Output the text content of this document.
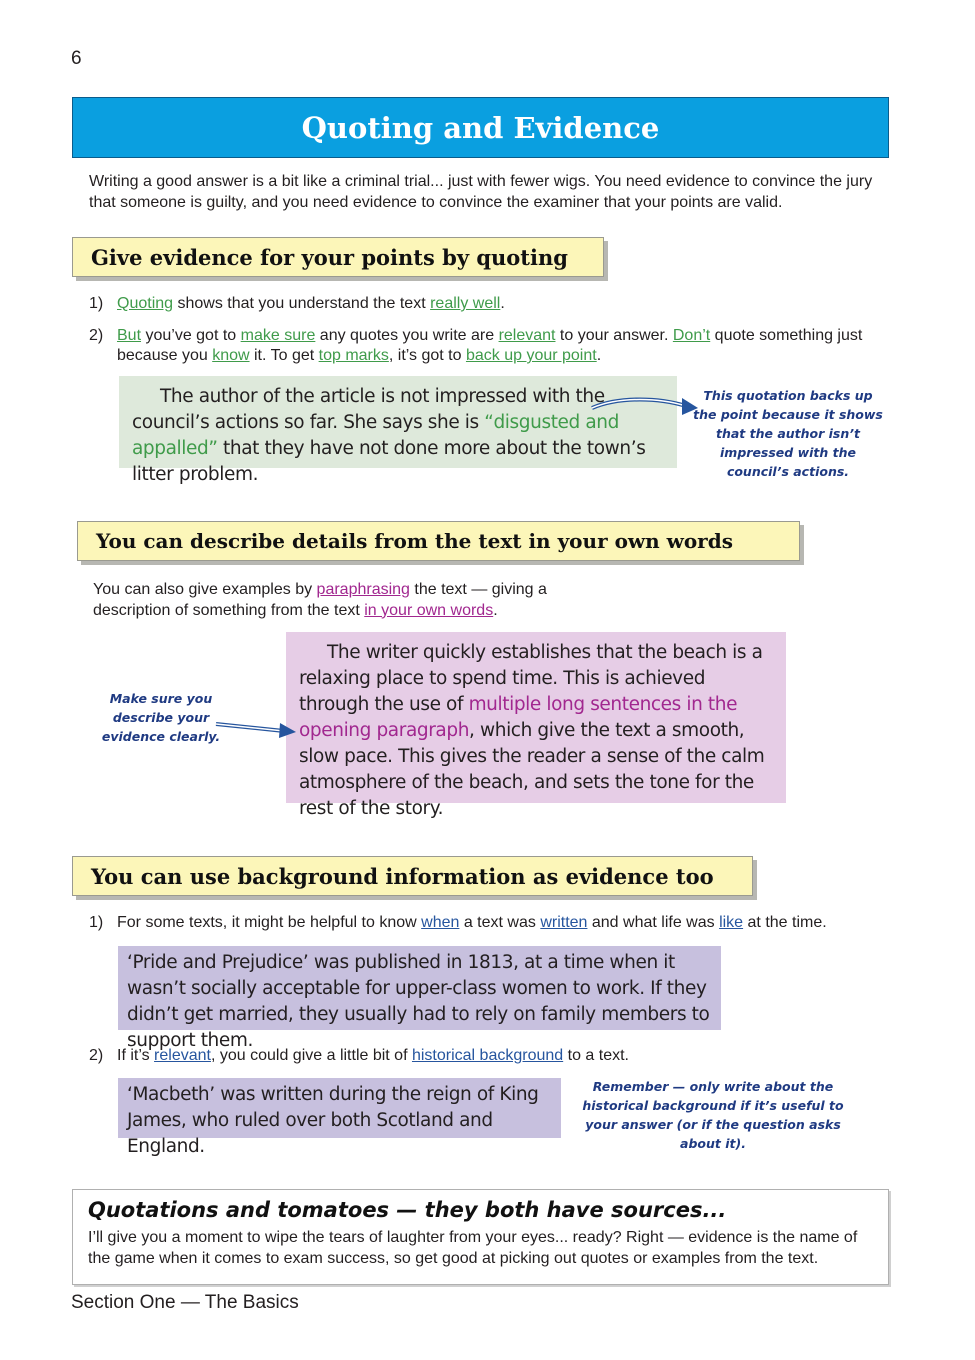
6
Quoting and Evidence
Writing a good answer is a bit like a criminal trial... just with fewer wigs. You need evidence to convince the jury that someone is guilty, and you need evidence to convince the examiner that your points are valid.
Give evidence for your points by quoting
1) Quoting shows that you understand the text really well.
2) But you’ve got to make sure any quotes you write are relevant to your answer. Don’t quote something just because you know it. To get top marks, it’s got to back up your point.
The author of the article is not impressed with the council’s actions so far. She says she is “disgusted and appalled” that they have not done more about the town’s litter problem.
This quotation backs up the point because it shows that the author isn’t impressed with the council’s actions.
You can describe details from the text in your own words
You can also give examples by paraphrasing the text — giving a description of something from the text in your own words.
The writer quickly establishes that the beach is a relaxing place to spend time. This is achieved through the use of multiple long sentences in the opening paragraph, which give the text a smooth, slow pace. This gives the reader a sense of the calm atmosphere of the beach, and sets the tone for the rest of the story.
Make sure you describe your evidence clearly.
You can use background information as evidence too
1) For some texts, it might be helpful to know when a text was written and what life was like at the time.
‘Pride and Prejudice’ was published in 1813, at a time when it wasn’t socially acceptable for upper-class women to work. If they didn’t get married, they usually had to rely on family members to support them.
2) If it’s relevant, you could give a little bit of historical background to a text.
‘Macbeth’ was written during the reign of King James, who ruled over both Scotland and England.
Remember — only write about the historical background if it’s useful to your answer (or if the question asks about it).
Quotations and tomatoes — they both have sources...
I’ll give you a moment to wipe the tears of laughter from your eyes... ready? Right — evidence is the name of the game when it comes to exam success, so get good at picking out quotes or examples from the text.
Section One — The Basics
